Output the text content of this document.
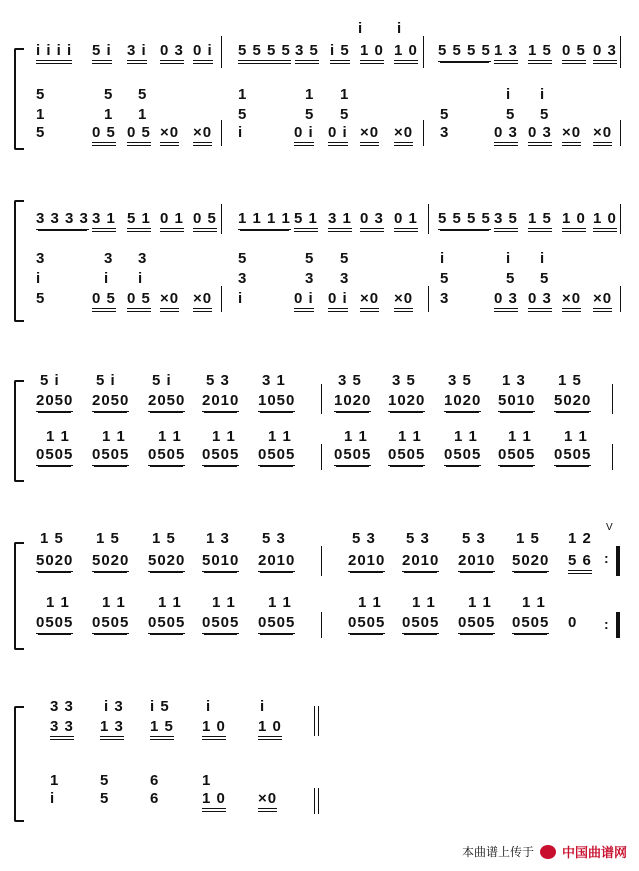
i i
i i i i 5 i 3 i 0 3 0 i 5 5 5 5 3 5 i 5 1 0 1 0 5 5 5 5 1 3 1 5 0 5 0 3
5	5 5	1	1 1	i i
1	1 1	5	5 5	5	5 5
5	0 5 0 5 ×0 ×0 i	0 i 0 i ×0 ×0 3	0 3 0 3 ×0 ×0
3 3 3 3 3 1 5 1 0 1 0 5 1 1 1 1 5 1 3 1 0 3 0 1 5 5 5 5 3 5 1 5 1 0 1 0
3	3 3	5	5 5	i	i i
i	i i	3	3 3	5	5 5
5	0 5 0 5 ×0 ×0 i	0 i 0 i ×0 ×0 3	0 3 0 3 ×0 ×0
5 i 5 i 5 i 5 3 3 1	3 5 3 5 3 5 1 3 1 5
2050 2050 2050 2010 1050	1020 1020 1020 5010 5020
1 1 1 1 1 1 1 1 1 1	1 1 1 1 1 1 1 1 1 1
0505 0505 0505 0505 0505	0505 0505 0505 0505 0505
1 5 1 5 1 5 1 3 5 3	5 3 5 3 5 3 1 5 1 2
V
5020 5020 5020 5010 2010	2010 2010 2010 5020 5 6
1 1 1 1 1 1 1 1 1 1	1 1 1 1 1 1 1 1
0505 0505 0505 0505 0505	0505 0505 0505 0505 0
:
:
3 3 i 3 i 5 i	i
3 3 1 3 1 5 1 0 1 0
1	5	6	1
i	5	6	1 0 ×0
本曲谱上传于 中国曲谱网
